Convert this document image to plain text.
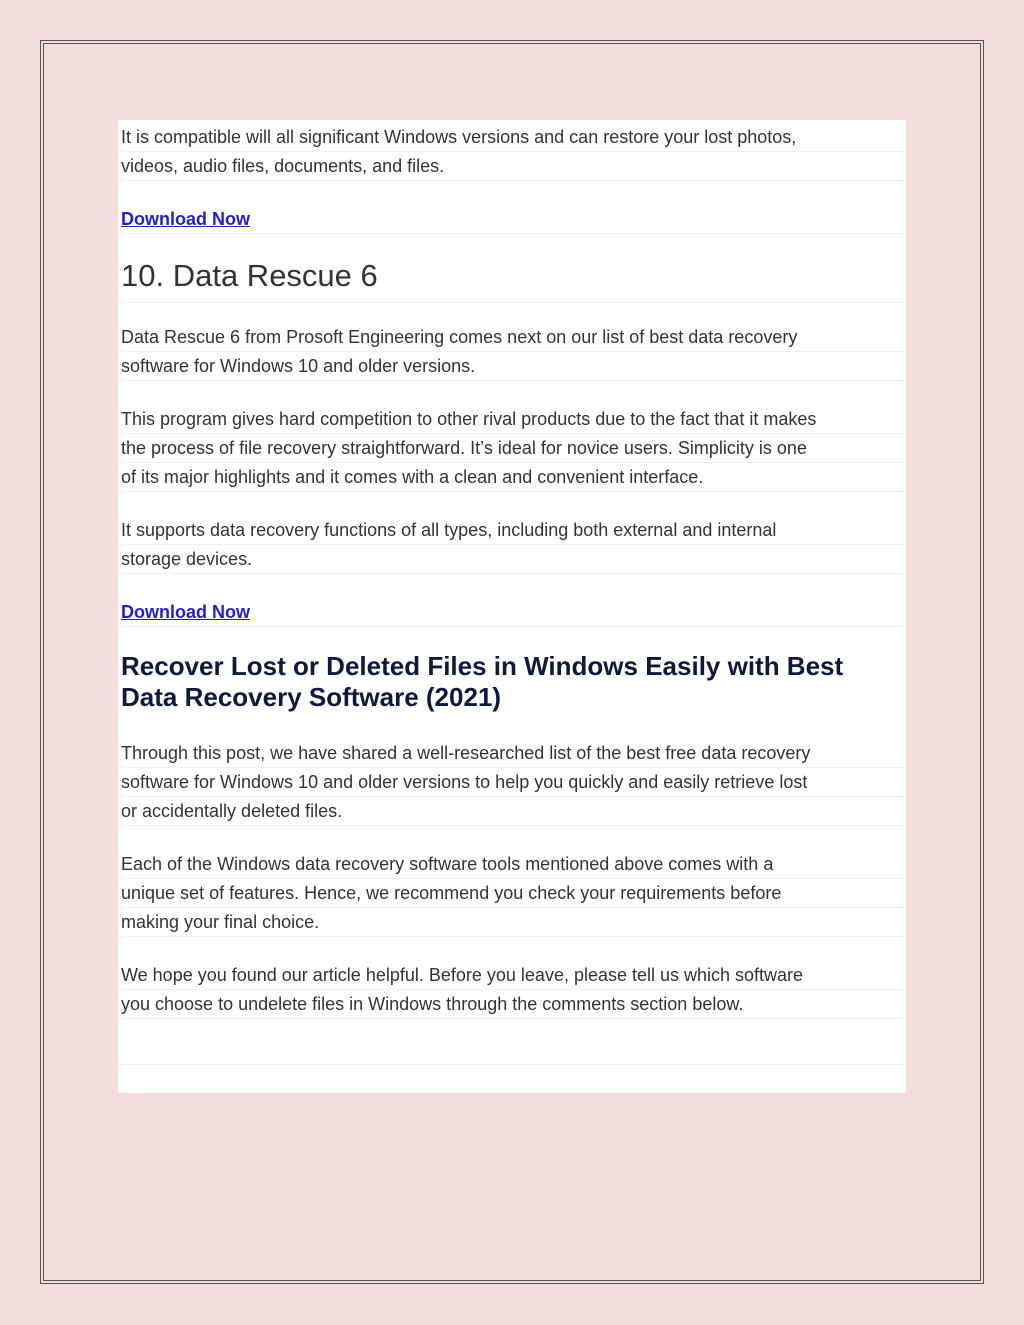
It is compatible will all significant Windows versions and can restore your lost photos,
videos, audio files, documents, and files.

Download Now
10. Data Rescue 6

Data Rescue 6 from Prosoft Engineering comes next on our list of best data recovery
software for Windows 10 and older versions.

This program gives hard competition to other rival products due to the fact that it makes
the process of file recovery straightforward. It’s ideal for novice users. Simplicity is one
of its major highlights and it comes with a clean and convenient interface.

It supports data recovery functions of all types, including both external and internal
storage devices.

Download Now
Recover Lost or Deleted Files in Windows Easily with Best
Data Recovery Software (2021)

Through this post, we have shared a well-researched list of the best free data recovery
software for Windows 10 and older versions to help you quickly and easily retrieve lost
or accidentally deleted files.

Each of the Windows data recovery software tools mentioned above comes with a
unique set of features. Hence, we recommend you check your requirements before
making your final choice.

We hope you found our article helpful. Before you leave, please tell us which software
you choose to undelete files in Windows through the comments section below.
